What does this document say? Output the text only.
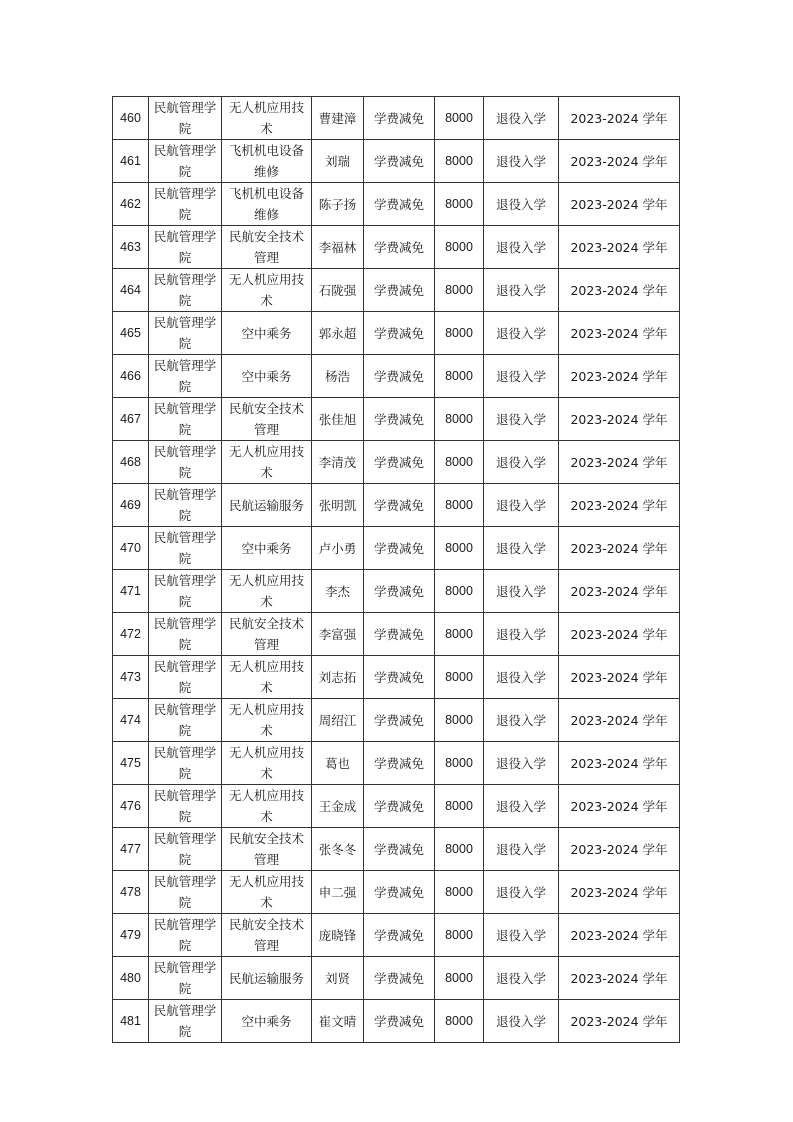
460	民航管理学院	无人机应用技术	曹建漳	学费减免	8000	退役入学	2023-2024 学年
461	民航管理学院	飞机机电设备维修	刘瑞	学费减免	8000	退役入学	2023-2024 学年
462	民航管理学院	飞机机电设备维修	陈子扬	学费减免	8000	退役入学	2023-2024 学年
463	民航管理学院	民航安全技术管理	李福林	学费减免	8000	退役入学	2023-2024 学年
464	民航管理学院	无人机应用技术	石陇强	学费减免	8000	退役入学	2023-2024 学年
465	民航管理学院	空中乘务	郭永超	学费减免	8000	退役入学	2023-2024 学年
466	民航管理学院	空中乘务	杨浩	学费减免	8000	退役入学	2023-2024 学年
467	民航管理学院	民航安全技术管理	张佳旭	学费减免	8000	退役入学	2023-2024 学年
468	民航管理学院	无人机应用技术	李清茂	学费减免	8000	退役入学	2023-2024 学年
469	民航管理学院	民航运输服务	张明凯	学费减免	8000	退役入学	2023-2024 学年
470	民航管理学院	空中乘务	卢小勇	学费减免	8000	退役入学	2023-2024 学年
471	民航管理学院	无人机应用技术	李杰	学费减免	8000	退役入学	2023-2024 学年
472	民航管理学院	民航安全技术管理	李富强	学费减免	8000	退役入学	2023-2024 学年
473	民航管理学院	无人机应用技术	刘志拓	学费减免	8000	退役入学	2023-2024 学年
474	民航管理学院	无人机应用技术	周绍江	学费减免	8000	退役入学	2023-2024 学年
475	民航管理学院	无人机应用技术	葛也	学费减免	8000	退役入学	2023-2024 学年
476	民航管理学院	无人机应用技术	王金成	学费减免	8000	退役入学	2023-2024 学年
477	民航管理学院	民航安全技术管理	张冬冬	学费减免	8000	退役入学	2023-2024 学年
478	民航管理学院	无人机应用技术	申二强	学费减免	8000	退役入学	2023-2024 学年
479	民航管理学院	民航安全技术管理	庞晓锋	学费减免	8000	退役入学	2023-2024 学年
480	民航管理学院	民航运输服务	刘贤	学费减免	8000	退役入学	2023-2024 学年
481	民航管理学院	空中乘务	崔文晴	学费减免	8000	退役入学	2023-2024 学年
